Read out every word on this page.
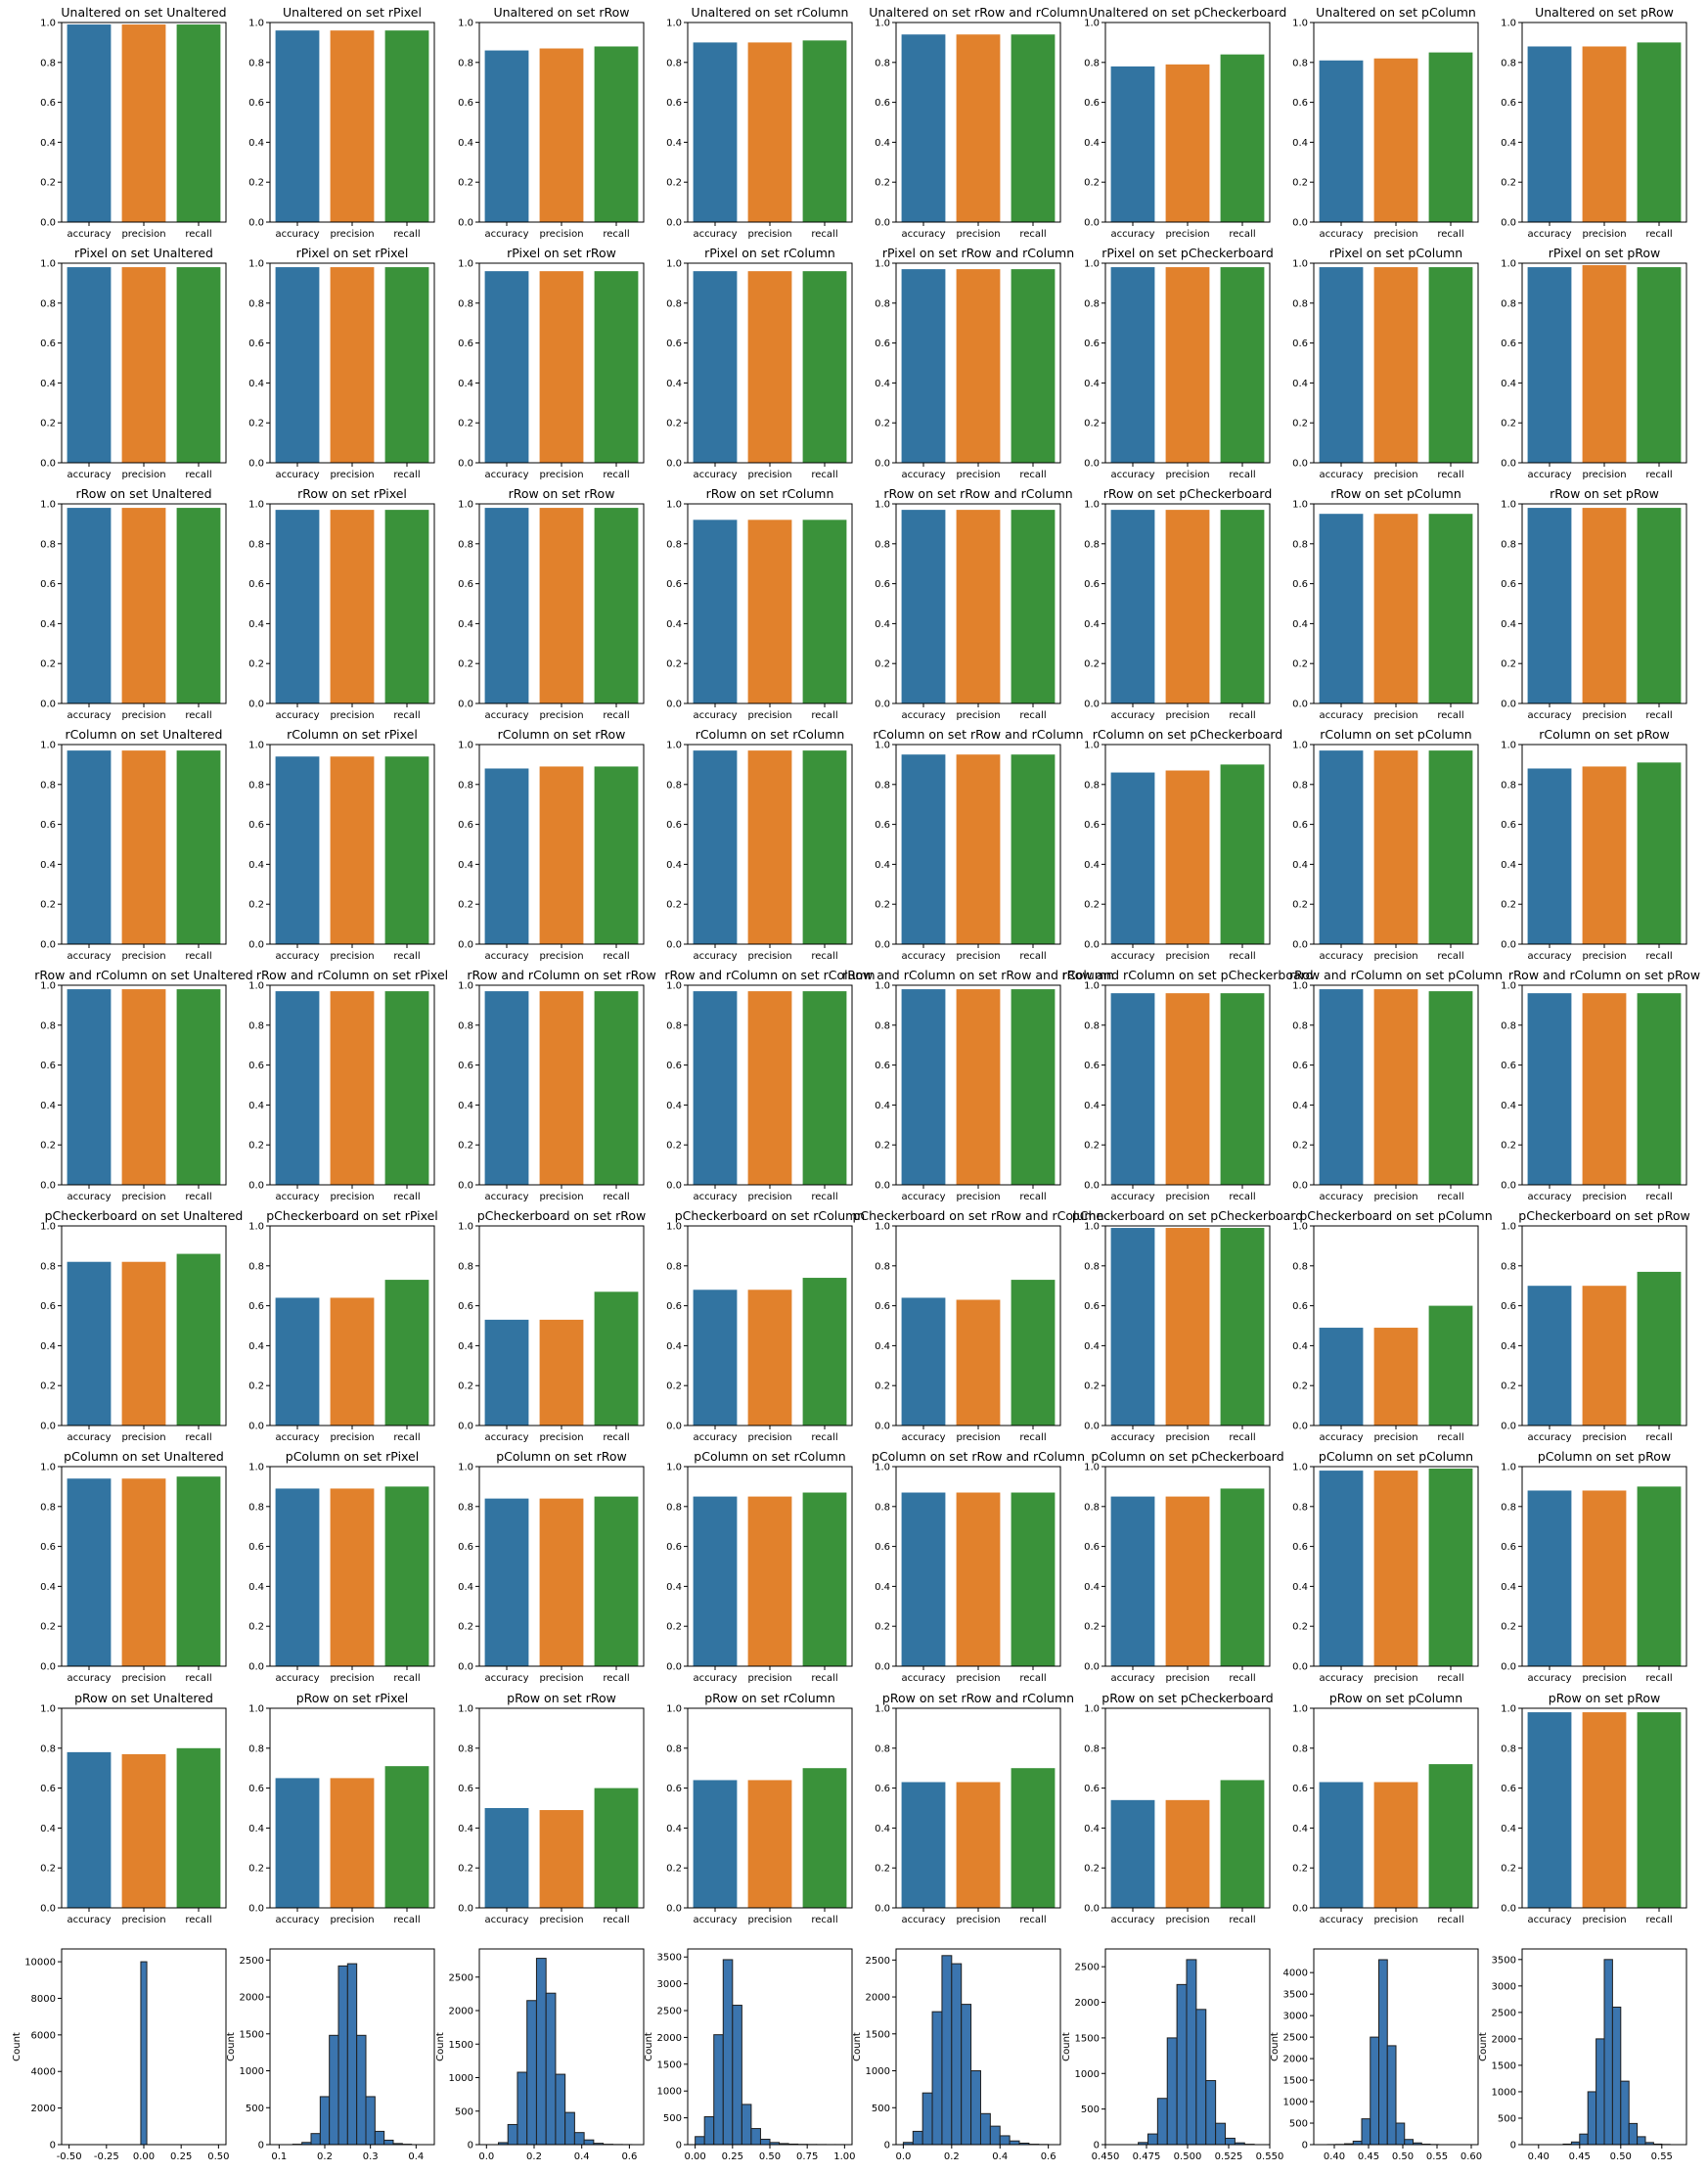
0.0
0.2
0.4
0.6
0.8
1.0
accuracy precision recall
Unaltered on set Unaltered
0.0
0.2
0.4
0.6
0.8
1.0
accuracy precision recall
Unaltered on set rPixel
0.0
0.2
0.4
0.6
0.8
1.0
accuracy precision recall
Unaltered on set rRow
0.0
0.2
0.4
0.6
0.8
1.0
accuracy precision recall
Unaltered on set rColumn
0.0
0.2
0.4
0.6
0.8
1.0
accuracy precision recall
Unaltered on set rRow and rColumn
0.0
0.2
0.4
0.6
0.8
1.0
accuracy precision recall
Unaltered on set pCheckerboard
0.0
0.2
0.4
0.6
0.8
1.0
accuracy precision recall
Unaltered on set pColumn
0.0
0.2
0.4
0.6
0.8
1.0
accuracy precision recall
Unaltered on set pRow
0.0
0.2
0.4
0.6
0.8
1.0
accuracy precision recall
rPixel on set Unaltered
0.0
0.2
0.4
0.6
0.8
1.0
accuracy precision recall
rPixel on set rPixel
0.0
0.2
0.4
0.6
0.8
1.0
accuracy precision recall
rPixel on set rRow
0.0
0.2
0.4
0.6
0.8
1.0
accuracy precision recall
rPixel on set rColumn
0.0
0.2
0.4
0.6
0.8
1.0
accuracy precision recall
rPixel on set rRow and rColumn
0.0
0.2
0.4
0.6
0.8
1.0
accuracy precision recall
rPixel on set pCheckerboard
0.0
0.2
0.4
0.6
0.8
1.0
accuracy precision recall
rPixel on set pColumn
0.0
0.2
0.4
0.6
0.8
1.0
accuracy precision recall
rPixel on set pRow
0.0
0.2
0.4
0.6
0.8
1.0
accuracy precision recall
rRow on set Unaltered
0.0
0.2
0.4
0.6
0.8
1.0
accuracy precision recall
rRow on set rPixel
0.0
0.2
0.4
0.6
0.8
1.0
accuracy precision recall
rRow on set rRow
0.0
0.2
0.4
0.6
0.8
1.0
accuracy precision recall
rRow on set rColumn
0.0
0.2
0.4
0.6
0.8
1.0
accuracy precision recall
rRow on set rRow and rColumn
0.0
0.2
0.4
0.6
0.8
1.0
accuracy precision recall
rRow on set pCheckerboard
0.0
0.2
0.4
0.6
0.8
1.0
accuracy precision recall
rRow on set pColumn
0.0
0.2
0.4
0.6
0.8
1.0
accuracy precision recall
rRow on set pRow
0.0
0.2
0.4
0.6
0.8
1.0
accuracy precision recall
rColumn on set Unaltered
0.0
0.2
0.4
0.6
0.8
1.0
accuracy precision recall
rColumn on set rPixel
0.0
0.2
0.4
0.6
0.8
1.0
accuracy precision recall
rColumn on set rRow
0.0
0.2
0.4
0.6
0.8
1.0
accuracy precision recall
rColumn on set rColumn
0.0
0.2
0.4
0.6
0.8
1.0
accuracy precision recall
rColumn on set rRow and rColumn
0.0
0.2
0.4
0.6
0.8
1.0
accuracy precision recall
rColumn on set pCheckerboard
0.0
0.2
0.4
0.6
0.8
1.0
accuracy precision recall
rColumn on set pColumn
0.0
0.2
0.4
0.6
0.8
1.0
accuracy precision recall
rColumn on set pRow
0.0
0.2
0.4
0.6
0.8
1.0
accuracy precision recall
rRow and rColumn on set Unaltered
0.0
0.2
0.4
0.6
0.8
1.0
accuracy precision recall
rRow and rColumn on set rPixel
0.0
0.2
0.4
0.6
0.8
1.0
accuracy precision recall
rRow and rColumn on set rRow
0.0
0.2
0.4
0.6
0.8
1.0
accuracy precision recall
rRow and rColumn on set rColumn
0.0
0.2
0.4
0.6
0.8
1.0
accuracy precision recall
rRow and rColumn on set rRow and rColumn
0.0
0.2
0.4
0.6
0.8
1.0
accuracy precision recall
rRow and rColumn on set pCheckerboard
0.0
0.2
0.4
0.6
0.8
1.0
accuracy precision recall
rRow and rColumn on set pColumn
0.0
0.2
0.4
0.6
0.8
1.0
accuracy precision recall
rRow and rColumn on set pRow
0.0
0.2
0.4
0.6
0.8
1.0
accuracy precision recall
pCheckerboard on set Unaltered
0.0
0.2
0.4
0.6
0.8
1.0
accuracy precision recall
pCheckerboard on set rPixel
0.0
0.2
0.4
0.6
0.8
1.0
accuracy precision recall
pCheckerboard on set rRow
0.0
0.2
0.4
0.6
0.8
1.0
accuracy precision recall
pCheckerboard on set rColumn
0.0
0.2
0.4
0.6
0.8
1.0
accuracy precision recall
pCheckerboard on set rRow and rColumn
0.0
0.2
0.4
0.6
0.8
1.0
accuracy precision recall
pCheckerboard on set pCheckerboard
0.0
0.2
0.4
0.6
0.8
1.0
accuracy precision recall
pCheckerboard on set pColumn
0.0
0.2
0.4
0.6
0.8
1.0
accuracy precision recall
pCheckerboard on set pRow
0.0
0.2
0.4
0.6
0.8
1.0
accuracy precision recall
pColumn on set Unaltered
0.0
0.2
0.4
0.6
0.8
1.0
accuracy precision recall
pColumn on set rPixel
0.0
0.2
0.4
0.6
0.8
1.0
accuracy precision recall
pColumn on set rRow
0.0
0.2
0.4
0.6
0.8
1.0
accuracy precision recall
pColumn on set rColumn
0.0
0.2
0.4
0.6
0.8
1.0
accuracy precision recall
pColumn on set rRow and rColumn
0.0
0.2
0.4
0.6
0.8
1.0
accuracy precision recall
pColumn on set pCheckerboard
0.0
0.2
0.4
0.6
0.8
1.0
accuracy precision recall
pColumn on set pColumn
0.0
0.2
0.4
0.6
0.8
1.0
accuracy precision recall
pColumn on set pRow
0.0
0.2
0.4
0.6
0.8
1.0
accuracy precision recall
pRow on set Unaltered
0.0
0.2
0.4
0.6
0.8
1.0
accuracy precision recall
pRow on set rPixel
0.0
0.2
0.4
0.6
0.8
1.0
accuracy precision recall
pRow on set rRow
0.0
0.2
0.4
0.6
0.8
1.0
accuracy precision recall
pRow on set rColumn
0.0
0.2
0.4
0.6
0.8
1.0
accuracy precision recall
pRow on set rRow and rColumn
0.0
0.2
0.4
0.6
0.8
1.0
accuracy precision recall
pRow on set pCheckerboard
0.0
0.2
0.4
0.6
0.8
1.0
accuracy precision recall
pRow on set pColumn
0.0
0.2
0.4
0.6
0.8
1.0
accuracy precision recall
pRow on set pRow
0
2000
4000
6000
8000
10000
-0.50 -0.25 0.00 0.25 0.50
Count
0
500
1000
1500
2000
2500
0.1	0.2	0.3	0.4
Count
0
500
1000
1500
2000
2500
0.0	0.2	0.4	0.6
Count
0
500
1000
1500
2000
2500
3000
3500
0.00 0.25 0.50 0.75 1.00
Count
0
500
1000
1500
2000
2500
0.0	0.2	0.4	0.6
Count
0
500
1000
1500
2000
2500
0.450 0.475 0.500 0.525 0.550
Count
0
500
1000
1500
2000
2500
3000
3500
4000
0.40 0.45 0.50 0.55 0.60
Count
0
500
1000
1500
2000
2500
3000
3500
0.40 0.45 0.50 0.55
Count
